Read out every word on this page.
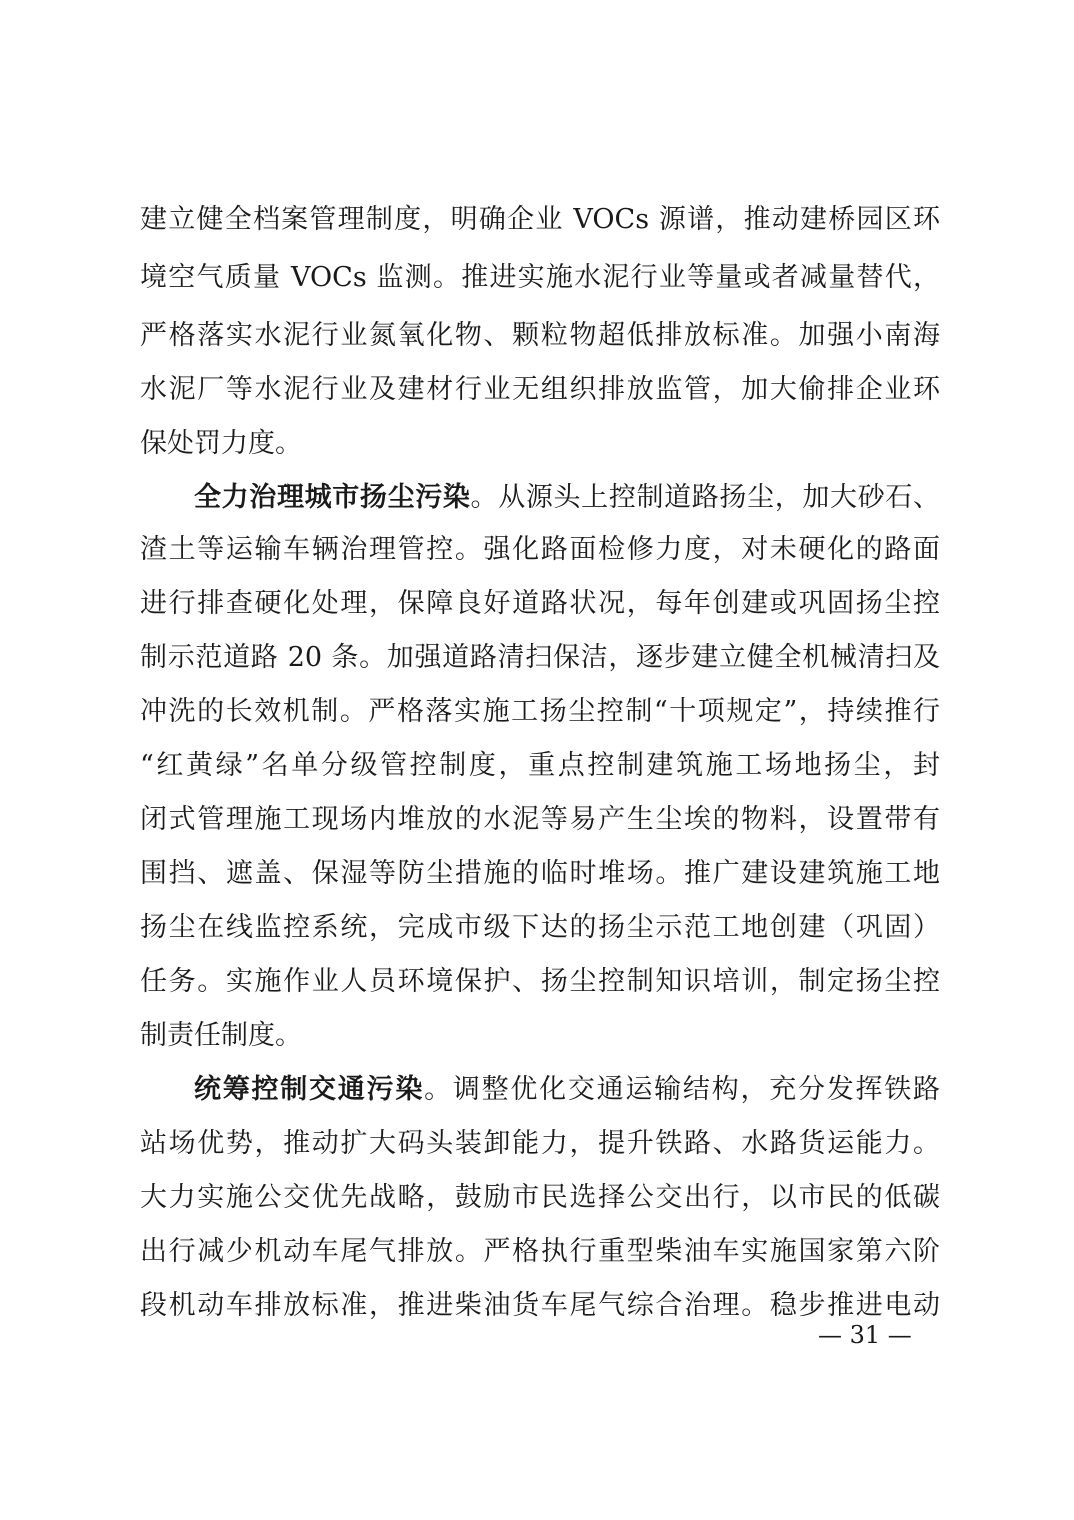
建立健全档案管理制度，明确企业 VOCs 源谱，推动建桥园区环
境空气质量 VOCs 监测。推进实施水泥行业等量或者减量替代，
严格落实水泥行业氮氧化物、颗粒物超低排放标准。加强小南海
水泥厂等水泥行业及建材行业无组织排放监管，加大偷排企业环
保处罚力度。
全力治理城市扬尘污染。从源头上控制道路扬尘，加大砂石、
渣土等运输车辆治理管控。强化路面检修力度，对未硬化的路面
进行排查硬化处理，保障良好道路状况，每年创建或巩固扬尘控
制示范道路 20 条。加强道路清扫保洁，逐步建立健全机械清扫及
冲洗的长效机制。严格落实施工扬尘控制“十项规定”，持续推行
“红黄绿”名单分级管控制度，重点控制建筑施工场地扬尘，封
闭式管理施工现场内堆放的水泥等易产生尘埃的物料，设置带有
围挡、遮盖、保湿等防尘措施的临时堆场。推广建设建筑施工地
扬尘在线监控系统，完成市级下达的扬尘示范工地创建（巩固）
任务。实施作业人员环境保护、扬尘控制知识培训，制定扬尘控
制责任制度。
统筹控制交通污染。调整优化交通运输结构，充分发挥铁路
站场优势，推动扩大码头装卸能力，提升铁路、水路货运能力。
大力实施公交优先战略，鼓励市民选择公交出行，以市民的低碳
出行减少机动车尾气排放。严格执行重型柴油车实施国家第六阶
段机动车排放标准，推进柴油货车尾气综合治理。稳步推进电动
— 31 —
